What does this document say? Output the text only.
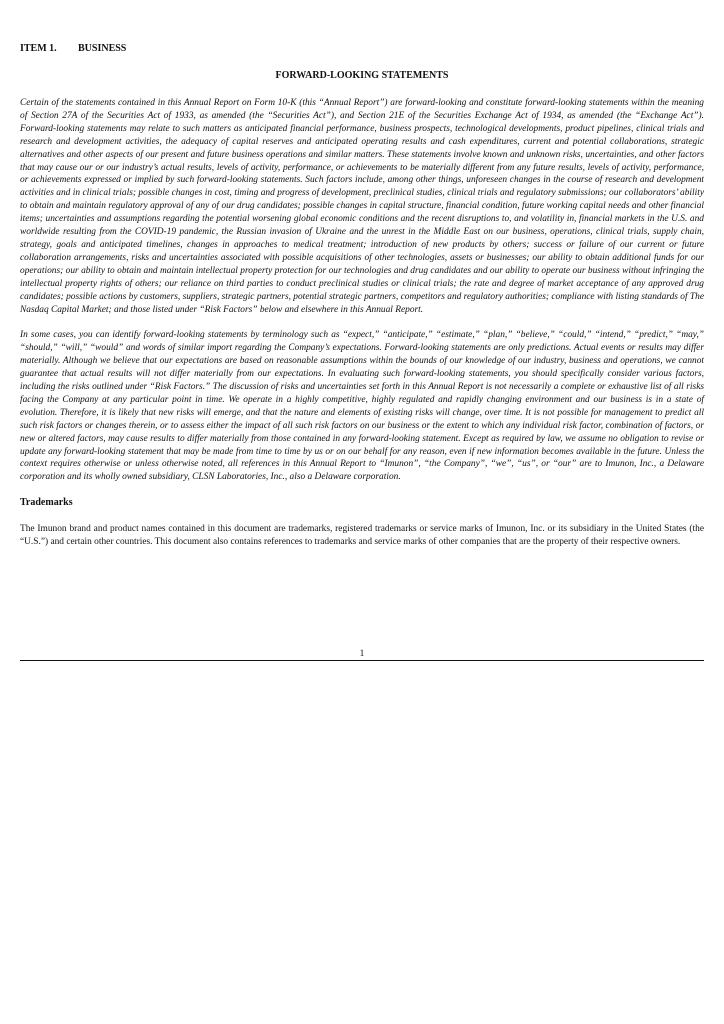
ITEM 1. BUSINESS

FORWARD-LOOKING STATEMENTS

Certain of the statements contained in this Annual Report on Form 10-K (this “Annual Report”) are forward-looking and constitute forward-looking statements within the meaning of Section 27A of the Securities Act of 1933, as amended (the “Securities Act”), and Section 21E of the Securities Exchange Act of 1934, as amended (the “Exchange Act”). Forward-looking statements may relate to such matters as anticipated financial performance, business prospects, technological developments, product pipelines, clinical trials and research and development activities, the adequacy of capital reserves and anticipated operating results and cash expenditures, current and potential collaborations, strategic alternatives and other aspects of our present and future business operations and similar matters. These statements involve known and unknown risks, uncertainties, and other factors that may cause our or our industry’s actual results, levels of activity, performance, or achievements to be materially different from any future results, levels of activity, performance, or achievements expressed or implied by such forward-looking statements. Such factors include, among other things, unforeseen changes in the course of research and development activities and in clinical trials; possible changes in cost, timing and progress of development, preclinical studies, clinical trials and regulatory submissions; our collaborators’ ability to obtain and maintain regulatory approval of any of our drug candidates; possible changes in capital structure, financial condition, future working capital needs and other financial items; uncertainties and assumptions regarding the potential worsening global economic conditions and the recent disruptions to, and volatility in, financial markets in the U.S. and worldwide resulting from the COVID-19 pandemic, the Russian invasion of Ukraine and the unrest in the Middle East on our business, operations, clinical trials, supply chain, strategy, goals and anticipated timelines, changes in approaches to medical treatment; introduction of new products by others; success or failure of our current or future collaboration arrangements, risks and uncertainties associated with possible acquisitions of other technologies, assets or businesses; our ability to obtain additional funds for our operations; our ability to obtain and maintain intellectual property protection for our technologies and drug candidates and our ability to operate our business without infringing the intellectual property rights of others; our reliance on third parties to conduct preclinical studies or clinical trials; the rate and degree of market acceptance of any approved drug candidates; possible actions by customers, suppliers, strategic partners, potential strategic partners, competitors and regulatory authorities; compliance with listing standards of The Nasdaq Capital Market; and those listed under “Risk Factors” below and elsewhere in this Annual Report.

In some cases, you can identify forward-looking statements by terminology such as “expect,” “anticipate,” “estimate,” “plan,” “believe,” “could,” “intend,” “predict,” “may,” “should,” “will,” “would” and words of similar import regarding the Company’s expectations. Forward-looking statements are only predictions. Actual events or results may differ materially. Although we believe that our expectations are based on reasonable assumptions within the bounds of our knowledge of our industry, business and operations, we cannot guarantee that actual results will not differ materially from our expectations. In evaluating such forward-looking statements, you should specifically consider various factors, including the risks outlined under “Risk Factors.” The discussion of risks and uncertainties set forth in this Annual Report is not necessarily a complete or exhaustive list of all risks facing the Company at any particular point in time. We operate in a highly competitive, highly regulated and rapidly changing environment and our business is in a state of evolution. Therefore, it is likely that new risks will emerge, and that the nature and elements of existing risks will change, over time. It is not possible for management to predict all such risk factors or changes therein, or to assess either the impact of all such risk factors on our business or the extent to which any individual risk factor, combination of factors, or new or altered factors, may cause results to differ materially from those contained in any forward-looking statement. Except as required by law, we assume no obligation to revise or update any forward-looking statement that may be made from time to time by us or on our behalf for any reason, even if new information becomes available in the future. Unless the context requires otherwise or unless otherwise noted, all references in this Annual Report to “Imunon”, “the Company”, “we”, “us”, or “our” are to Imunon, Inc., a Delaware corporation and its wholly owned subsidiary, CLSN Laboratories, Inc., also a Delaware corporation.

Trademarks

The Imunon brand and product names contained in this document are trademarks, registered trademarks or service marks of Imunon, Inc. or its subsidiary in the United States (the “U.S.”) and certain other countries. This document also contains references to trademarks and service marks of other companies that are the property of their respective owners.

1
